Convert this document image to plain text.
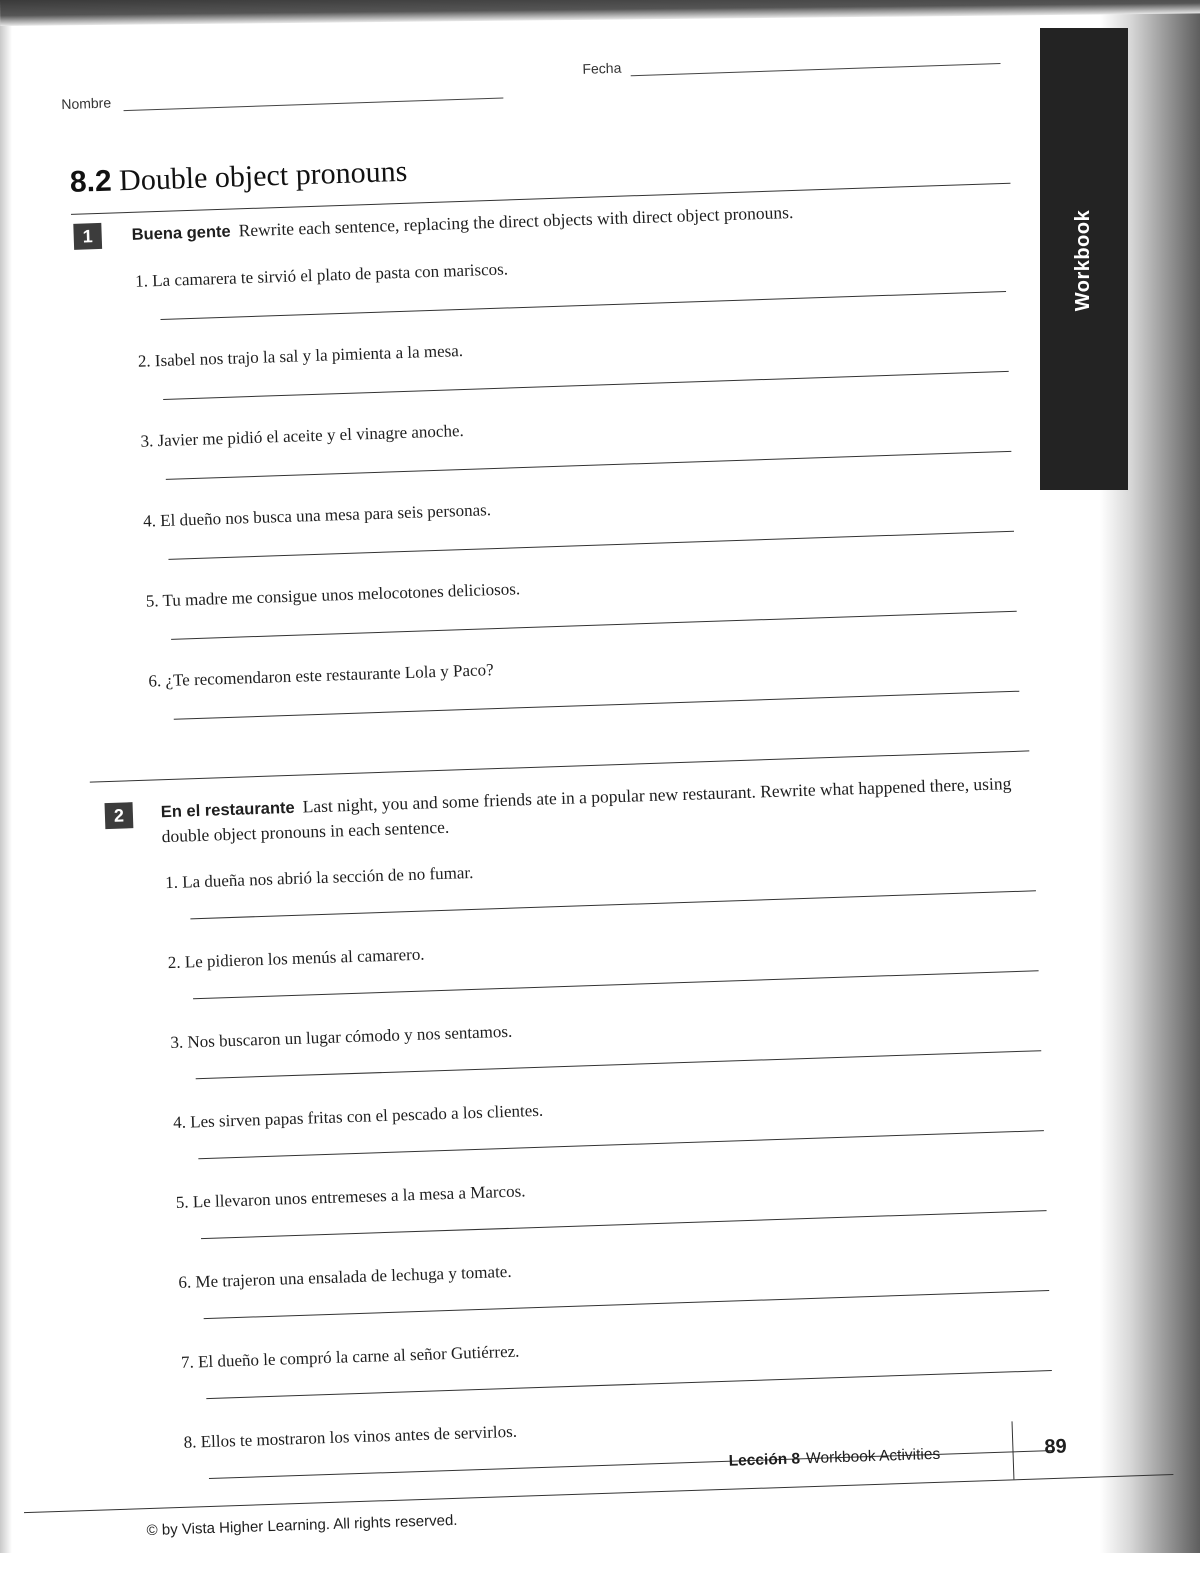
Workbook
Nombre
Fecha
8.2 Double object pronouns
1	Buena gente Rewrite each sentence, replacing the direct objects with direct object pronouns.
1. La camarera te sirvió el plato de pasta con mariscos.
2. Isabel nos trajo la sal y la pimienta a la mesa.
3. Javier me pidió el aceite y el vinagre anoche.
4. El dueño nos busca una mesa para seis personas.
5. Tu madre me consigue unos melocotones deliciosos.
6. ¿Te recomendaron este restaurante Lola y Paco?
2	En el restaurante Last night, you and some friends ate in a popular new restaurant. Rewrite what happened there, using double object pronouns in each sentence.
1. La dueña nos abrió la sección de no fumar.
2. Le pidieron los menús al camarero.
3. Nos buscaron un lugar cómodo y nos sentamos.
4. Les sirven papas fritas con el pescado a los clientes.
5. Le llevaron unos entremeses a la mesa a Marcos.
6. Me trajeron una ensalada de lechuga y tomate.
7. El dueño le compró la carne al señor Gutiérrez.
8. Ellos te mostraron los vinos antes de servirlos.
© by Vista Higher Learning. All rights reserved.
Lección 8 Workbook Activities	89
